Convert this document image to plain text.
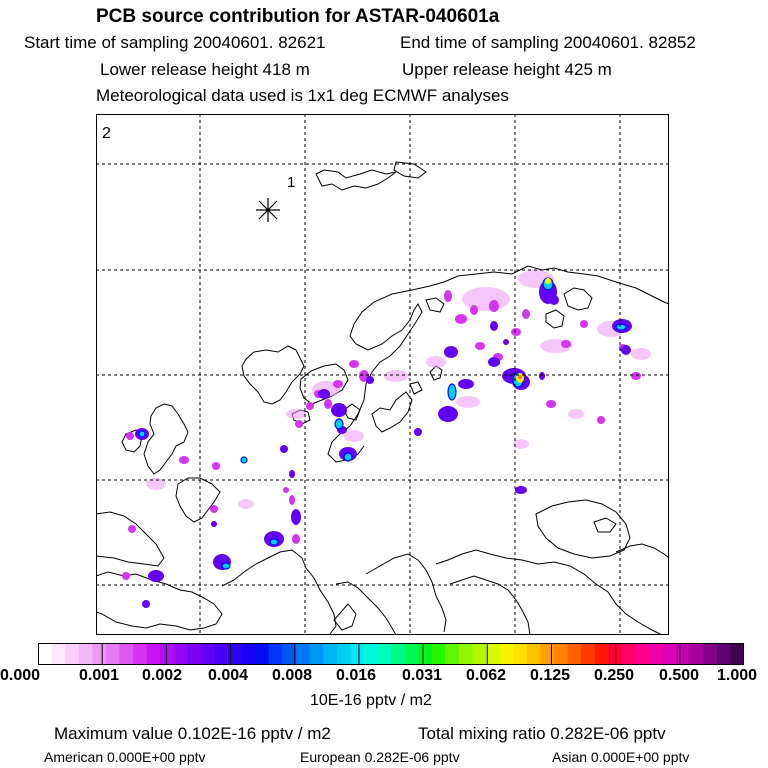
PCB source contribution for ASTAR-040601a
Start time of sampling 20040601. 82621	End time of sampling 20040601. 82852
Lower release height 418 m	Upper release height 425 m
Meteorological data used is 1x1 deg ECMWF analyses
2
1
0.000 0.001 0.002 0.004 0.008 0.016 0.031 0.062 0.125 0.250 0.500 1.000
10E-16 pptv / m2
Maximum value 0.102E-16 pptv / m2	Total mixing ratio 0.282E-06 pptv
American 0.000E+00 pptv	European 0.282E-06 pptv	Asian 0.000E+00 pptv
